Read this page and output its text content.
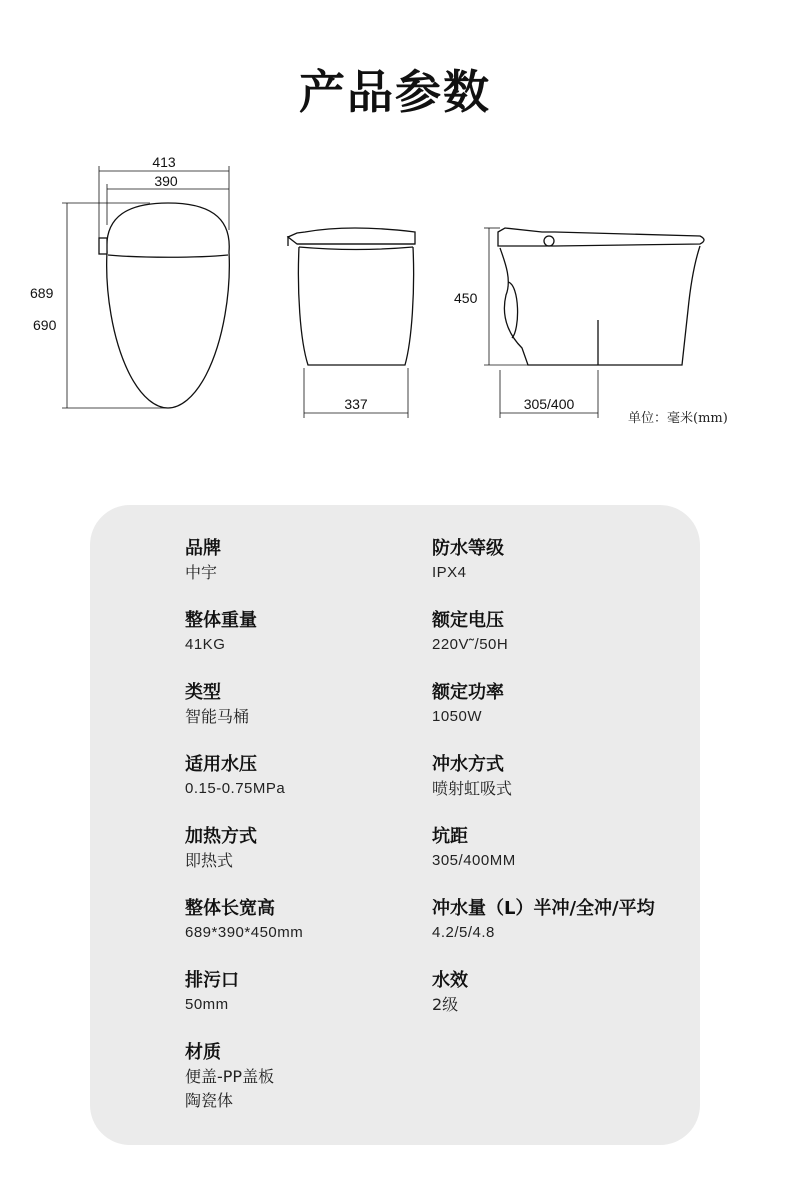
产品参数
413
390
689
690
337
450
305/400
单位：毫米(mm)
品牌
中宇
整体重量
41KG
类型
智能马桶
适用水压
0.15-0.75MPa
加热方式
即热式
整体长宽高
689*390*450mm
排污口
50mm
材质
便盖-PP盖板
陶瓷体
防水等级
IPX4
额定电压
220V˜/50H
额定功率
1050W
冲水方式
喷射虹吸式
坑距
305/400MM
冲水量（L）半冲/全冲/平均
4.2/5/4.8
水效
2级
